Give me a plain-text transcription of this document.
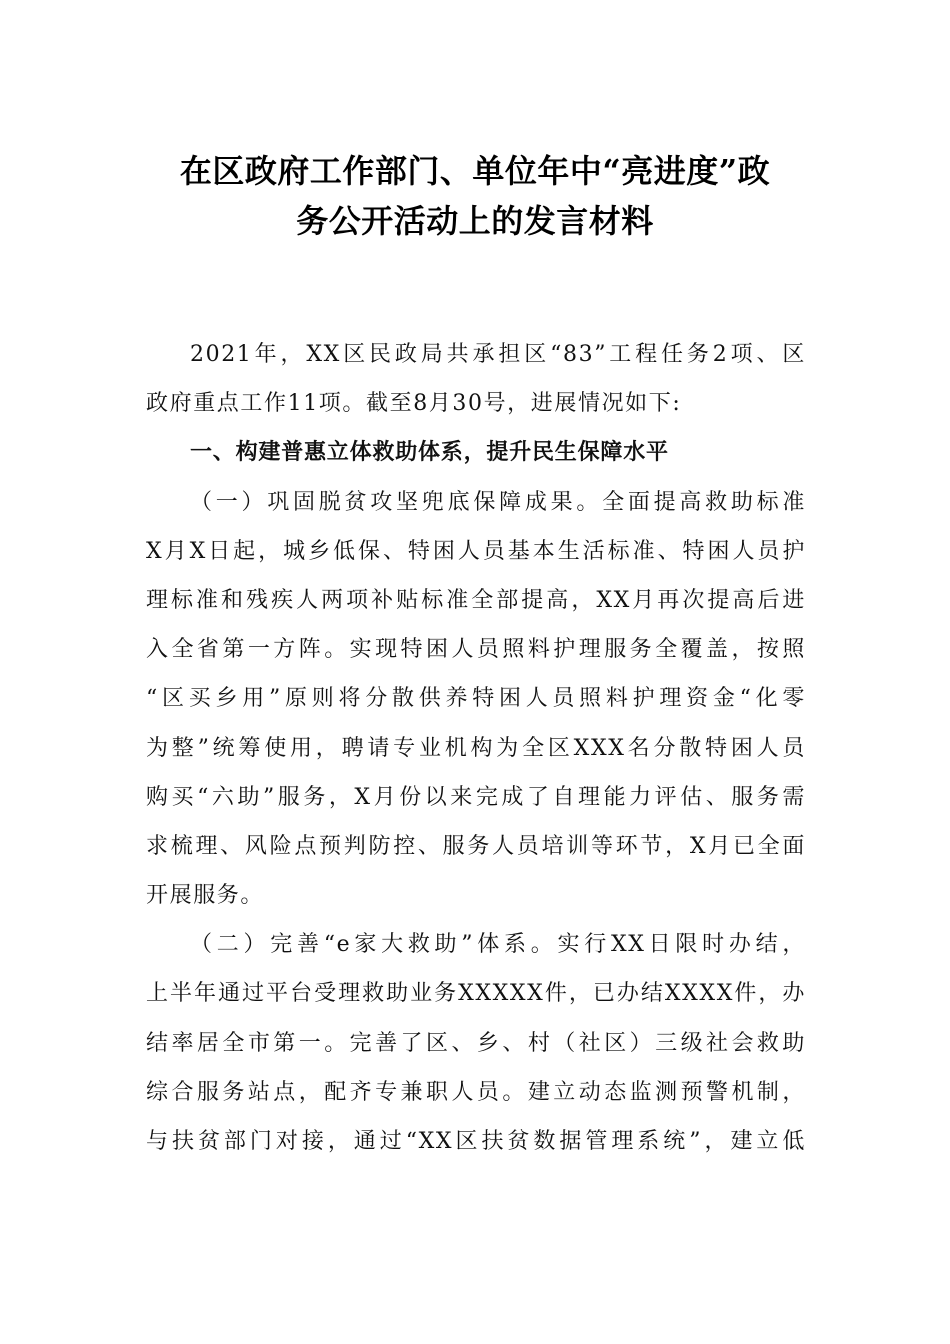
在区政府工作部门、单位年中“亮进度”政
务公开活动上的发言材料
2021年，XX区民政局共承担区“83”工程任务2项、区
政府重点工作11项。截至8月30号，进展情况如下:
一、构建普惠立体救助体系，提升民生保障水平
（一）巩固脱贫攻坚兜底保障成果。全面提高救助标准
X月X日起，城乡低保、特困人员基本生活标准、特困人员护
理标准和残疾人两项补贴标准全部提高，XX月再次提高后进
入全省第一方阵。实现特困人员照料护理服务全覆盖，按照
“区买乡用”原则将分散供养特困人员照料护理资金“化零
为整”统筹使用，聘请专业机构为全区XXX名分散特困人员
购买“六助”服务，X月份以来完成了自理能力评估、服务需
求梳理、风险点预判防控、服务人员培训等环节，X月已全面
开展服务。
（二）完善“e家大救助”体系。实行XX日限时办结，
上半年通过平台受理救助业务XXXXX件，已办结XXXX件，办
结率居全市第一。完善了区、乡、村（社区）三级社会救助
综合服务站点，配齐专兼职人员。建立动态监测预警机制，
与扶贫部门对接，通过“XX区扶贫数据管理系统”，建立低
